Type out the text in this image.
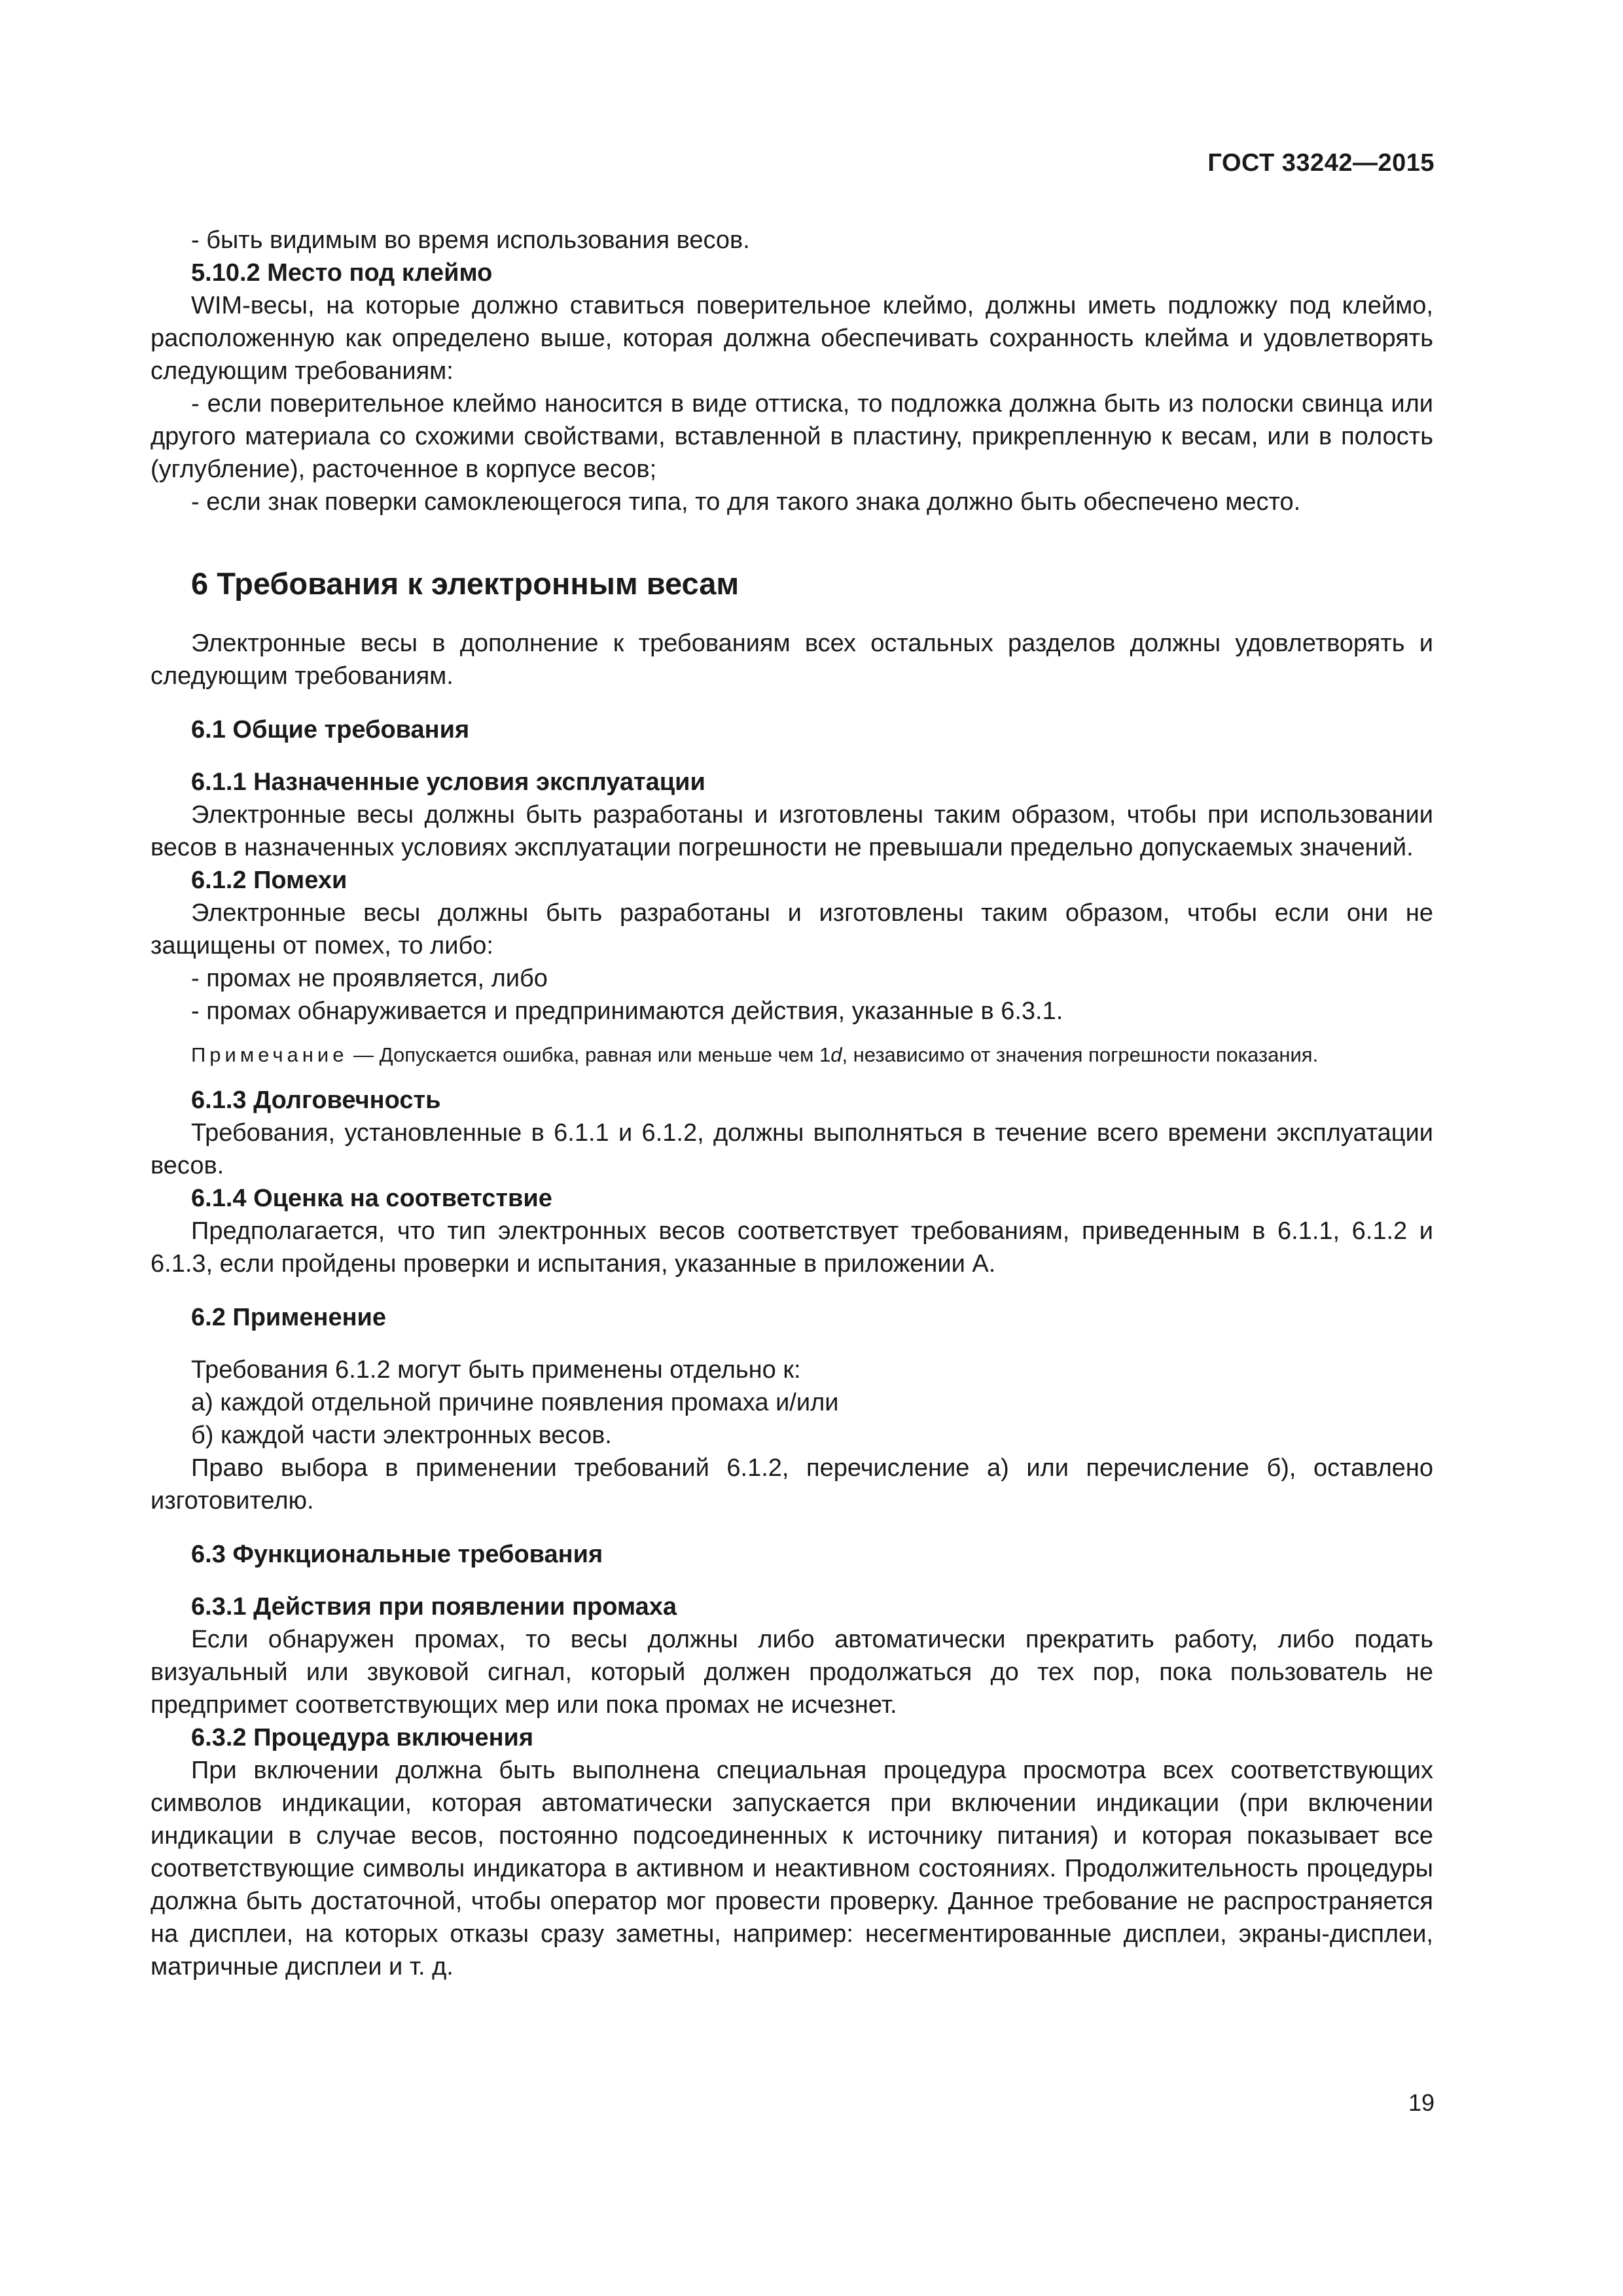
ГОСТ 33242—2015

- быть видимым во время использования весов.

5.10.2 Место под клеймо

WIM-весы, на которые должно ставиться поверительное клеймо, должны иметь подложку под клеймо, расположенную как определено выше, которая должна обеспечивать сохранность клейма и удовлетворять следующим требованиям:

- если поверительное клеймо наносится в виде оттиска, то подложка должна быть из полоски свинца или другого материала со схожими свойствами, вставленной в пластину, прикрепленную к весам, или в полость (углубление), расточенное в корпусе весов;

- если знак поверки самоклеющегося типа, то для такого знака должно быть обеспечено место.

6 Требования к электронным весам

Электронные весы в дополнение к требованиям всех остальных разделов должны удовлетворять и следующим требованиям.

6.1 Общие требования

6.1.1 Назначенные условия эксплуатации

Электронные весы должны быть разработаны и изготовлены таким образом, чтобы при использовании весов в назначенных условиях эксплуатации погрешности не превышали предельно допускаемых значений.

6.1.2 Помехи

Электронные весы должны быть разработаны и изготовлены таким образом, чтобы если они не защищены от помех, то либо:

- промах не проявляется, либо

- промах обнаруживается и предпринимаются действия, указанные в 6.3.1.

Примечание — Допускается ошибка, равная или меньше чем 1d, независимо от значения погрешности показания.

6.1.3 Долговечность

Требования, установленные в 6.1.1 и 6.1.2, должны выполняться в течение всего времени эксплуатации весов.

6.1.4 Оценка на соответствие

Предполагается, что тип электронных весов соответствует требованиям, приведенным в 6.1.1, 6.1.2 и 6.1.3, если пройдены проверки и испытания, указанные в приложении А.

6.2 Применение

Требования 6.1.2 могут быть применены отдельно к:

а) каждой отдельной причине появления промаха и/или

б) каждой части электронных весов.

Право выбора в применении требований 6.1.2, перечисление а) или перечисление б), оставлено изготовителю.

6.3 Функциональные требования

6.3.1 Действия при появлении промаха

Если обнаружен промах, то весы должны либо автоматически прекратить работу, либо подать визуальный или звуковой сигнал, который должен продолжаться до тех пор, пока пользователь не предпримет соответствующих мер или пока промах не исчезнет.

6.3.2 Процедура включения

При включении должна быть выполнена специальная процедура просмотра всех соответствующих символов индикации, которая автоматически запускается при включении индикации (при включении индикации в случае весов, постоянно подсоединенных к источнику питания) и которая показывает все соответствующие символы индикатора в активном и неактивном состояниях. Продолжительность процедуры должна быть достаточной, чтобы оператор мог провести проверку. Данное требование не распространяется на дисплеи, на которых отказы сразу заметны, например: несегментированные дисплеи, экраны-дисплеи, матричные дисплеи и т. д.

19
